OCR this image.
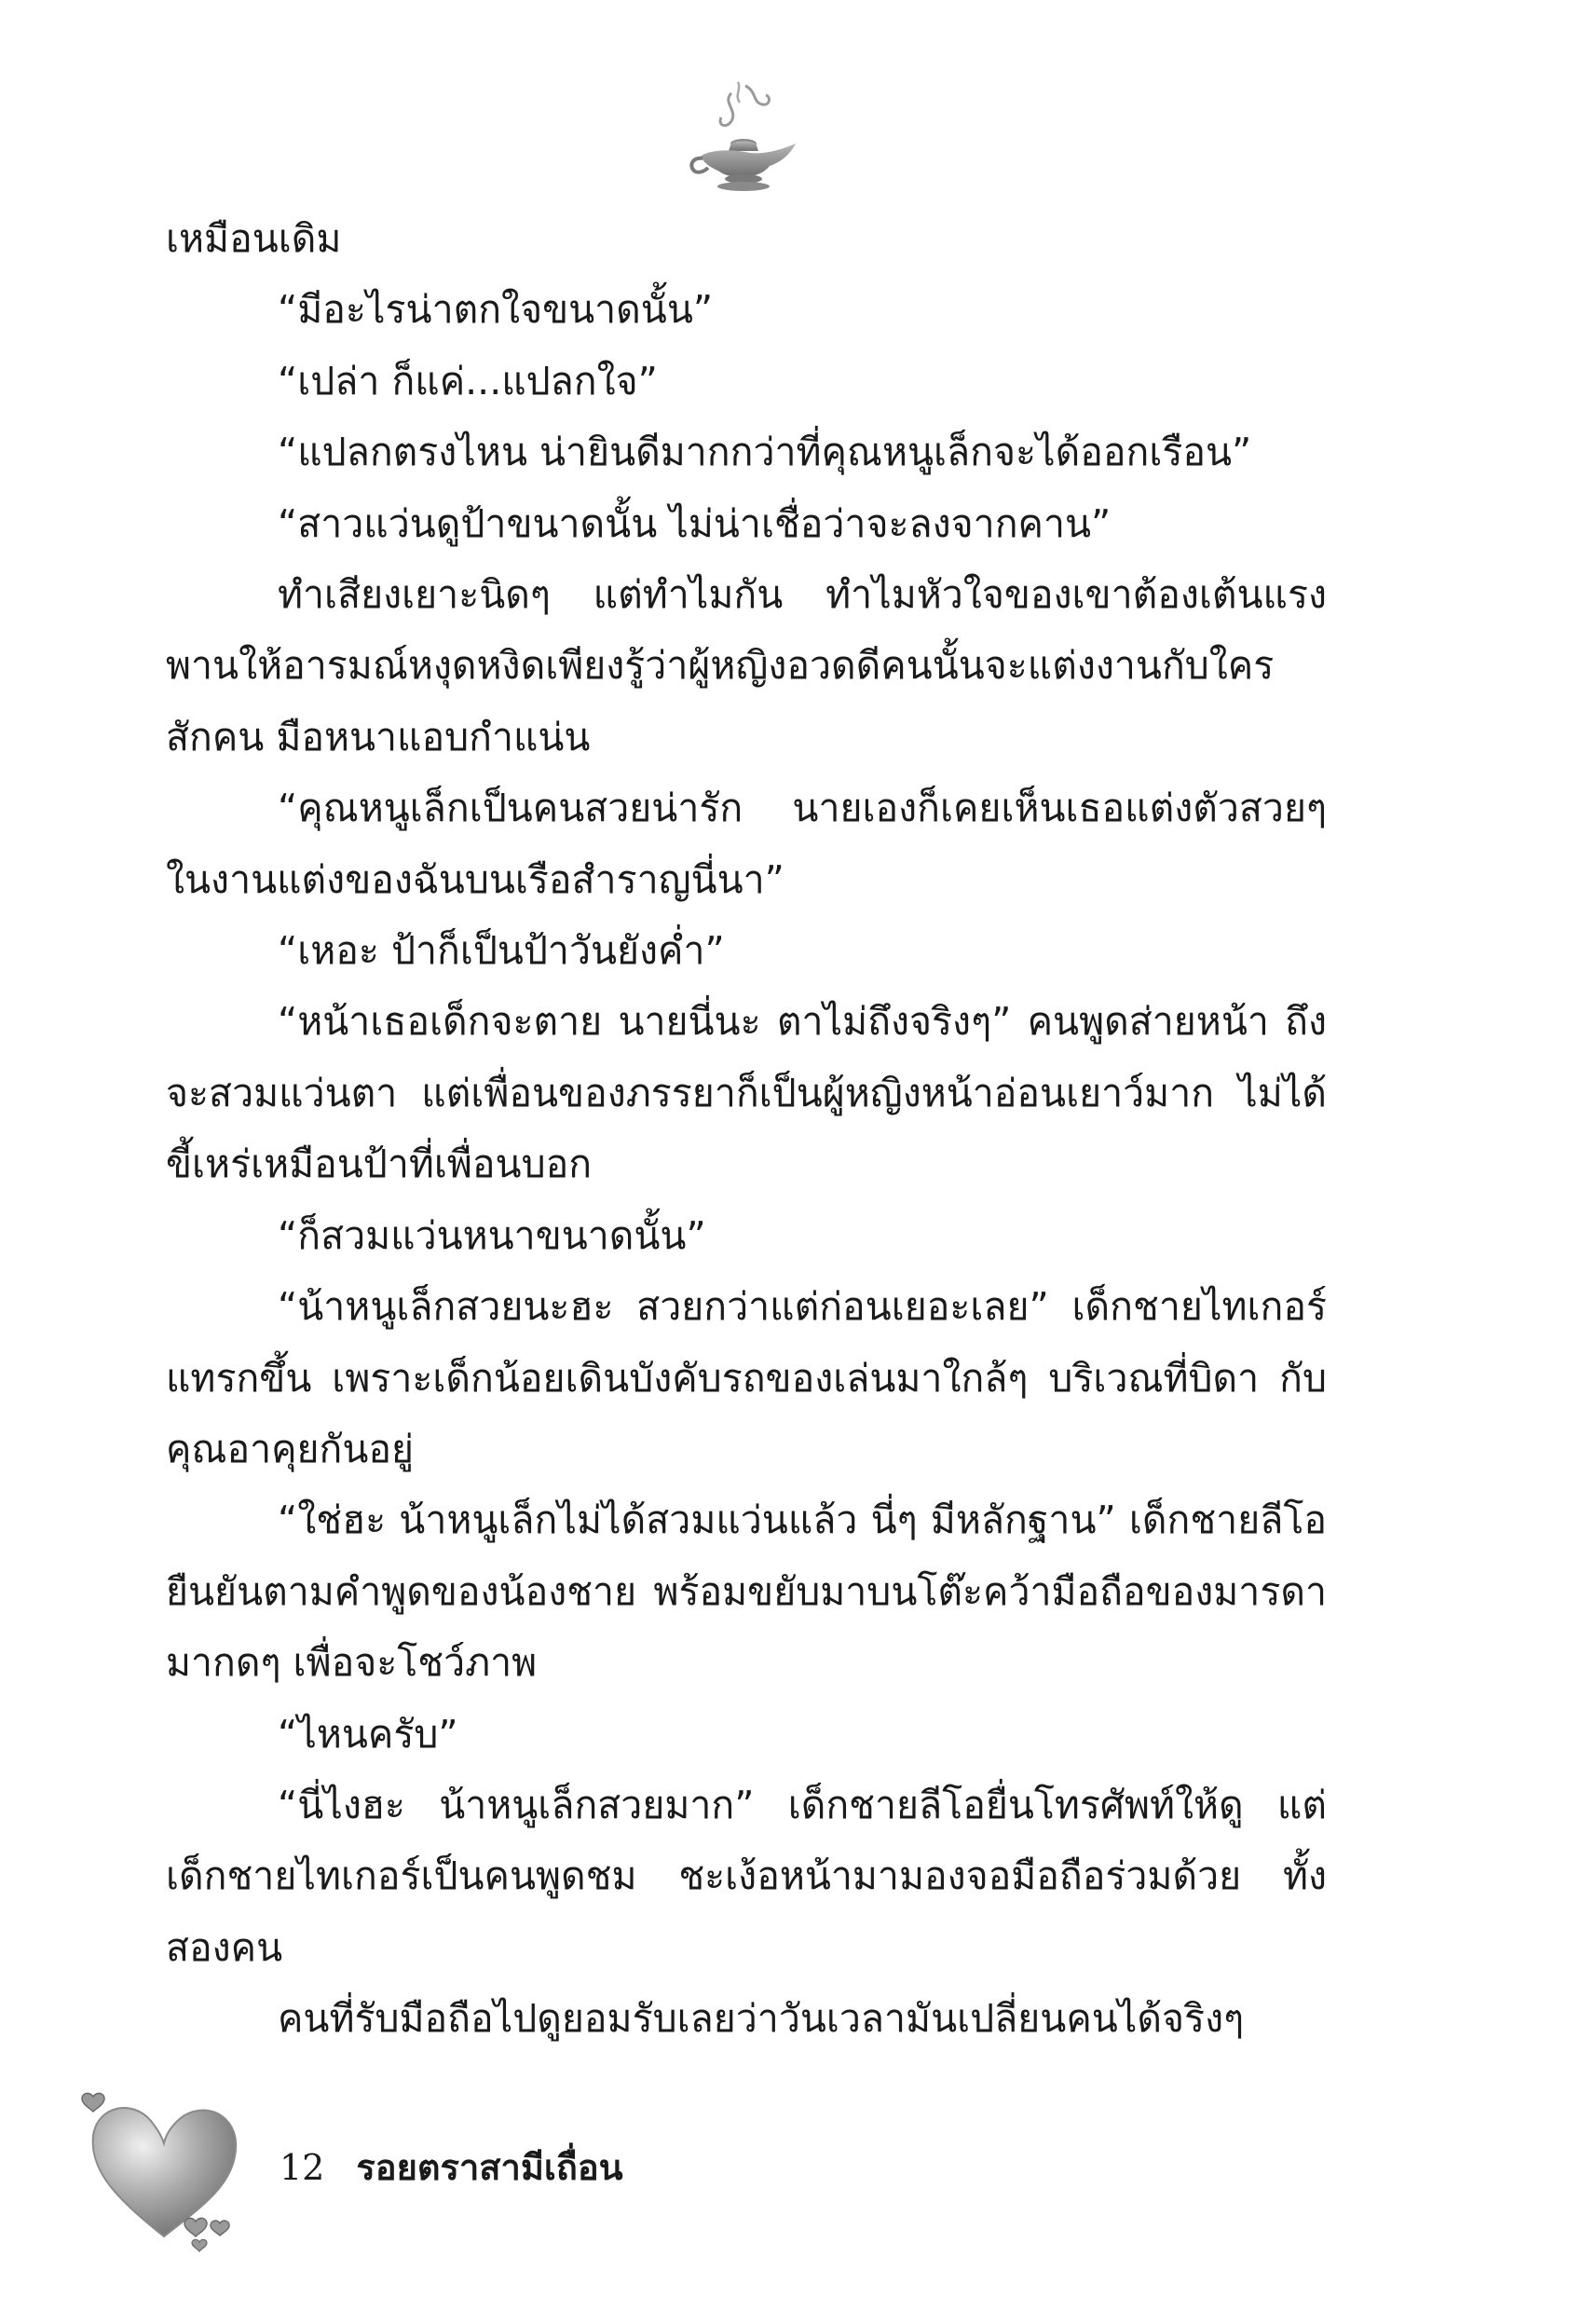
เหมือนเดิม

“มีอะไรน่าตกใจขนาดนั้น”

“เปล่า ก็แค่...แปลกใจ”

“แปลกตรงไหน น่ายินดีมากกว่าที่คุณหนูเล็กจะได้ออกเรือน”

“สาวแว่นดูป้าขนาดนั้น ไม่น่าเชื่อว่าจะลงจากคาน”

ทำเสียงเยาะนิดๆ แต่ทำไมกัน ทำไมหัวใจของเขาต้องเต้นแรง พานให้อารมณ์หงุดหงิดเพียงรู้ว่าผู้หญิงอวดดีคนนั้นจะแต่งงานกับใคร สักคน มือหนาแอบกำแน่น

“คุณหนูเล็กเป็นคนสวยน่ารัก นายเองก็เคยเห็นเธอแต่งตัวสวยๆ ในงานแต่งของฉันบนเรือสำราญนี่นา”

“เหอะ ป้าก็เป็นป้าวันยังค่ำ”

“หน้าเธอเด็กจะตาย นายนี่นะ ตาไม่ถึงจริงๆ” คนพูดส่ายหน้า ถึงจะสวมแว่นตา แต่เพื่อนของภรรยาก็เป็นผู้หญิงหน้าอ่อนเยาว์มาก ไม่ได้ขี้เหร่เหมือนป้าที่เพื่อนบอก

“ก็สวมแว่นหนาขนาดนั้น”

“น้าหนูเล็กสวยนะฮะ สวยกว่าแต่ก่อนเยอะเลย” เด็กชายไทเกอร์ แทรกขึ้น เพราะเด็กน้อยเดินบังคับรถของเล่นมาใกล้ๆ บริเวณที่บิดา กับคุณอาคุยกันอยู่

“ใช่ฮะ น้าหนูเล็กไม่ได้สวมแว่นแล้ว นี่ๆ มีหลักฐาน” เด็กชายลีโอ ยืนยันตามคำพูดของน้องชาย พร้อมขยับมาบนโต๊ะคว้ามือถือของมารดา มากดๆ เพื่อจะโชว์ภาพ

“ไหนครับ”

“นี่ไงฮะ น้าหนูเล็กสวยมาก” เด็กชายลีโอยื่นโทรศัพท์ให้ดู แต่ เด็กชายไทเกอร์เป็นคนพูดชม ชะเง้อหน้ามามองจอมือถือร่วมด้วย ทั้งสองคน

คนที่รับมือถือไปดูยอมรับเลยว่าวันเวลามันเปลี่ยนคนได้จริงๆ

12 รอยตราสามีเถื่อน
